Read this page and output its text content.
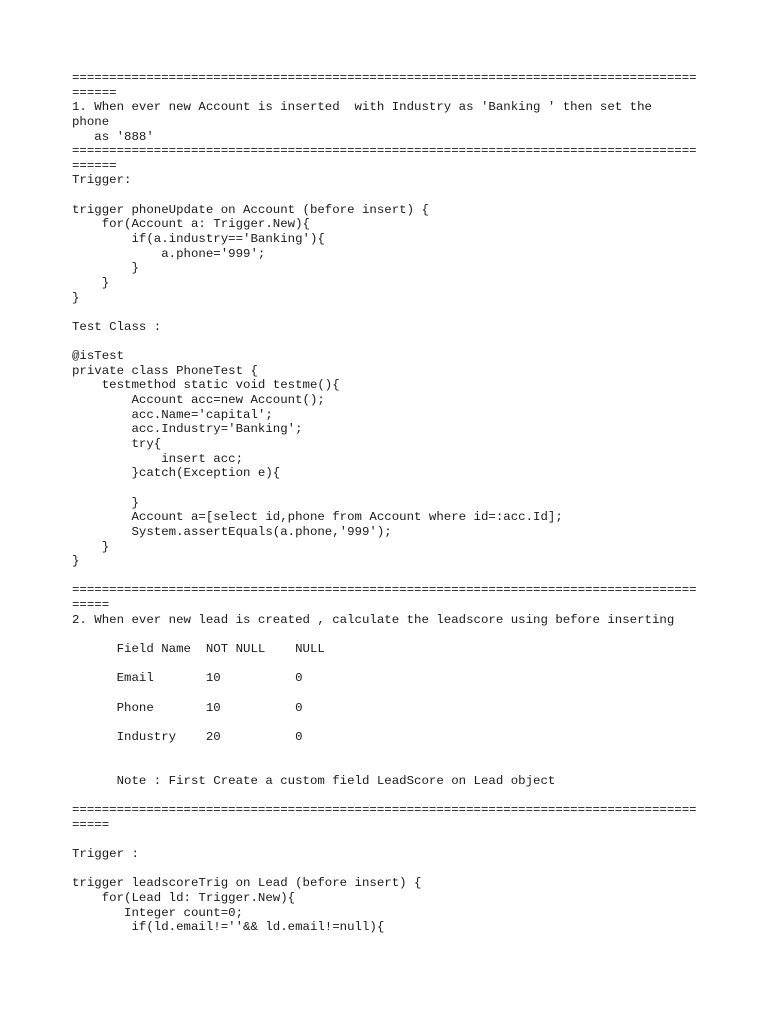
====================================================================================
======
1. When ever new Account is inserted  with Industry as 'Banking ' then set the
phone
as '888'
====================================================================================
======
Trigger:
trigger phoneUpdate on Account (before insert) {
for(Account a: Trigger.New){
if(a.industry=='Banking'){
a.phone='999';
}
}
}
Test Class :
@isTest
private class PhoneTest {
testmethod static void testme(){
Account acc=new Account();
acc.Name='capital';
acc.Industry='Banking';
try{
insert acc;
}catch(Exception e){
}
Account a=[select id,phone from Account where id=:acc.Id];
System.assertEquals(a.phone,'999');
}
}
====================================================================================
=====
2. When ever new lead is created , calculate the leadscore using before inserting
Field Name  NOT NULL    NULL
Email       10          0
Phone       10          0
Industry    20          0
Note : First Create a custom field LeadScore on Lead object
====================================================================================
=====
Trigger :
trigger leadscoreTrig on Lead (before insert) {
for(Lead ld: Trigger.New){
Integer count=0;
if(ld.email!=''&& ld.email!=null){
